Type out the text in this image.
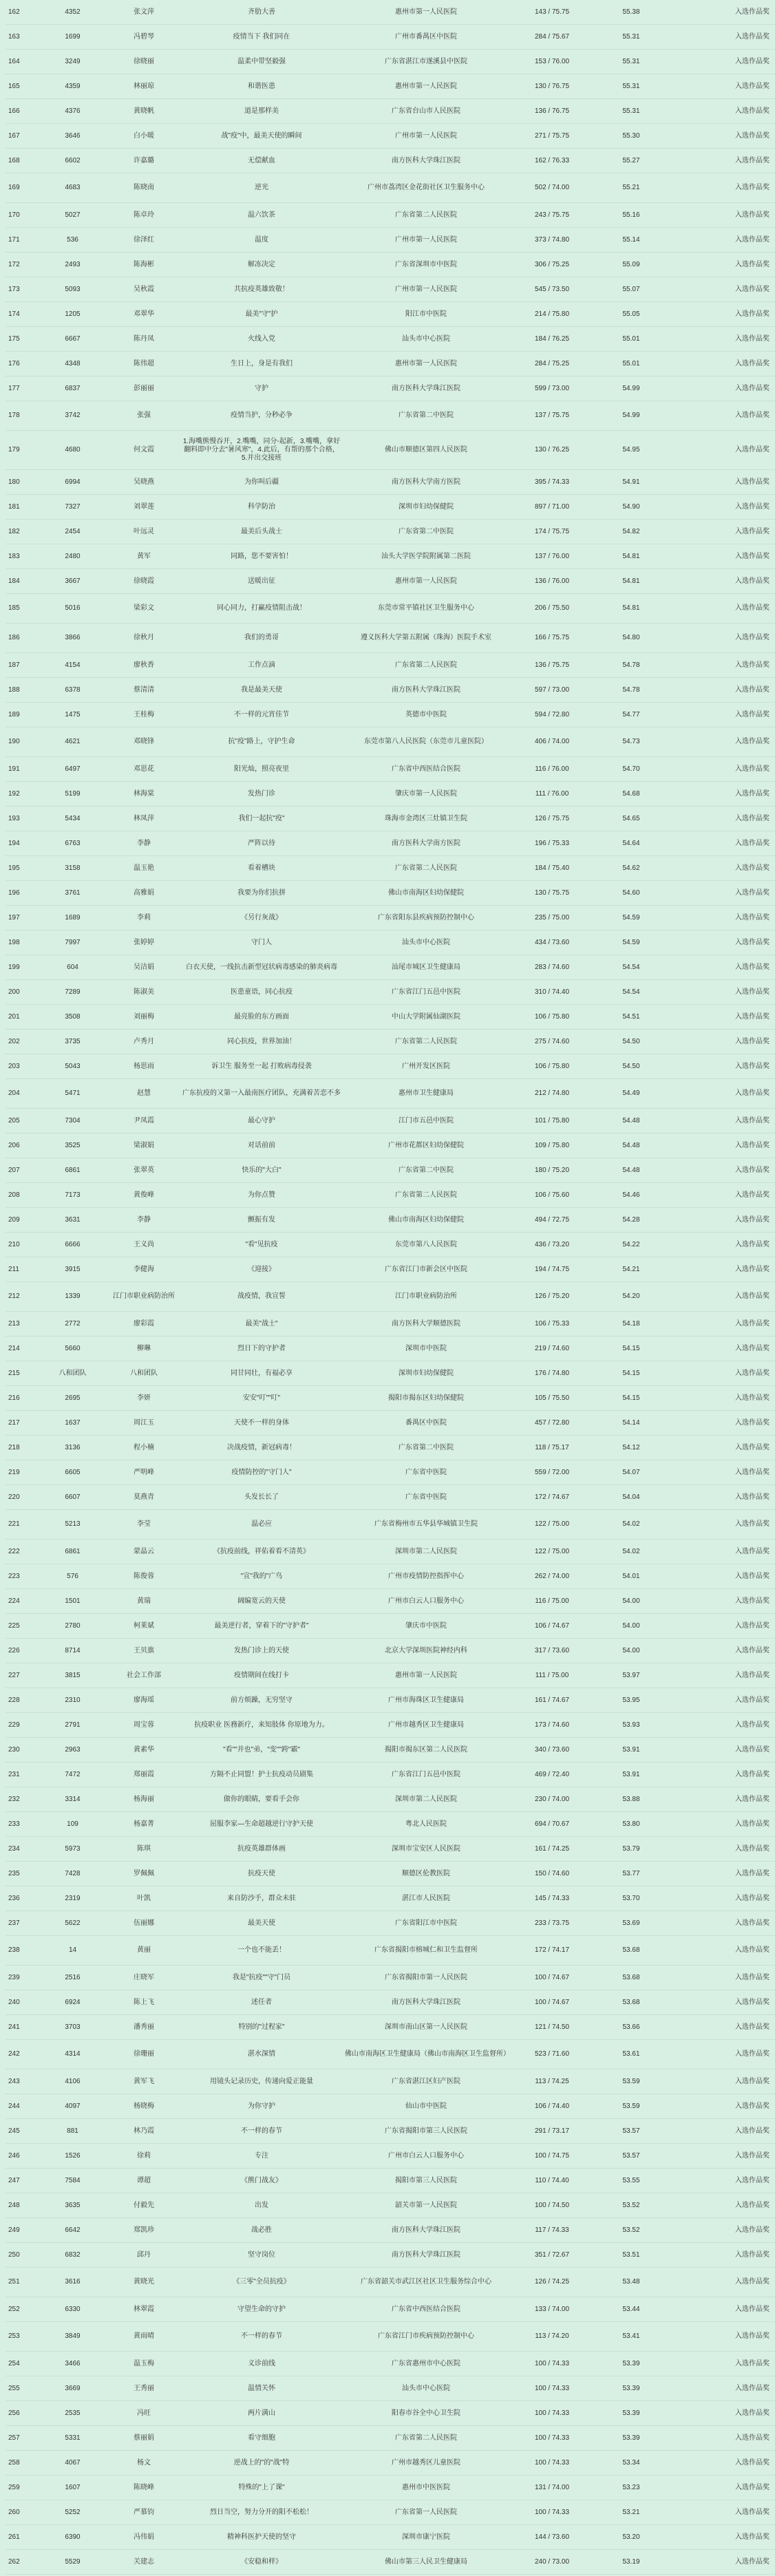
162	4352	张文萍	齐肋大善	惠州市第一人民医院	143 / 75.75	55.38	入选作品奖
163	1699	冯碧琴	疫情当下 我们同在	广州市番禺区中医院	284 / 75.67	55.31	入选作品奖
164	3249	徐晓丽	温柔中带坚毅强	广东省湛江市遂溪县中医院	153 / 76.00	55.31	入选作品奖
165	4359	林丽琼	和谐医患	惠州市第一人民医院	130 / 76.75	55.31	入选作品奖
166	4376	黄晓帆	道是那样美	广东省台山市人民医院	136 / 76.75	55.31	入选作品奖
167	3646	白小暖	战"疫"中，最美天使的瞬间	广州市第一人民医院	271 / 75.75	55.30	入选作品奖
168	6602	许嘉璐	无偿献血	南方医科大学珠江医院	162 / 76.33	55.27	入选作品奖
169	4683	陈晓南	逆光	广州市荔湾区金花街社区卫生服务中心	502 / 74.00	55.21	入选作品奖
170	5027	陈卓玲	温六饮茶	广东省第二人民医院	243 / 75.75	55.16	入选作品奖
171	536	徐泽红	温度	广州市第一人民医院	373 / 74.80	55.14	入选作品奖
172	2493	陈海彬	解冻决定	广东省深圳市中医院	306 / 75.25	55.09	入选作品奖
173	5093	吴秋霞	共抗疫英雄致敬！	广州市第一人民医院	545 / 73.50	55.07	入选作品奖
174	1205	邓翠华	最美"守"护	阳江市中医院	214 / 75.80	55.05	入选作品奖
175	6667	陈丹凤	火线入党	汕头市中心医院	184 / 76.25	55.01	入选作品奖
176	4348	陈伟超	生日上，身是有我们	惠州市第一人民医院	284 / 75.25	55.01	入选作品奖
177	6837	彭丽丽	守护	南方医科大学珠江医院	599 / 73.00	54.99	入选作品奖
178	3742	张强	疫情当护，分秒必争	广东省第二中医院	137 / 75.75	54.99	入选作品奖
179	4680	何文霞	1.海嘴熊慢吞开，2.嘴嘴，同分-起新，3.嘴嘴，拿好翻料即中分去"暑风寒"，4.此后，有帮的那个合格，5.并出交接班	佛山市顺德区第四人民医院	130 / 76.25	54.95	入选作品奖
180	6994	吴晓燕	为你叫后疆	南方医科大学南方医院	395 / 74.33	54.91	入选作品奖
181	7327	刘翠莲	科学防治	深圳市妇幼保健院	897 / 71.00	54.90	入选作品奖
182	2454	叶远灵	最美后头战士	广东省第二中医院	174 / 75.75	54.82	入选作品奖
183	2480	黄军	同路，您不要害怕！	汕头大学医学院附属第二医院	137 / 76.00	54.81	入选作品奖
184	3667	徐晓霞	送暖出征	惠州市第一人民医院	136 / 76.00	54.81	入选作品奖
185	5016	梁彩文	同心同力，打赢疫情阻击战！	东莞市常平镇社区卫生服务中心	206 / 75.50	54.81	入选作品奖
186	3866	徐秋月	我们的勇哥	遵义医科大学第五附属（珠海）医院手术室	166 / 75.75	54.80	入选作品奖
187	4154	廖秋香	工作点滴	广东省第二人民医院	136 / 75.75	54.78	入选作品奖
188	6378	蔡清清	我是最美天使	南方医科大学珠江医院	597 / 73.00	54.78	入选作品奖
189	1475	王桂梅	不一样的元宵佳节	英德市中医院	594 / 72.80	54.77	入选作品奖
190	4621	邓晓锋	抗"疫"路上，守护生命	东莞市第八人民医院（东莞市儿童医院）	406 / 74.00	54.73	入选作品奖
191	6497	邓思花	阳光灿，照亮夜里	广东省中西医结合医院	116 / 76.00	54.70	入选作品奖
192	5199	林海棠	发热门诊	肇庆市第一人民医院	111 / 76.00	54.68	入选作品奖
193	5434	林凤萍	我们一起抗"疫"	珠海市金湾区三灶镇卫生院	126 / 75.75	54.65	入选作品奖
194	6763	李静	严阵以待	南方医科大学南方医院	196 / 75.33	54.64	入选作品奖
195	3158	温玉艳	看着槽块	广东省第二人民医院	184 / 75.40	54.62	入选作品奖
196	3761	高雅娟	我要为你们抗拼	佛山市南海区妇幼保健院	130 / 75.75	54.60	入选作品奖
197	1689	李莉	《另行灰战》	广东省阳东县疾病预防控制中心	235 / 75.00	54.59	入选作品奖
198	7997	张婷婷	守门人	汕头市中心医院	434 / 73.60	54.59	入选作品奖
199	604	吴洁娟	白衣天使，一线抗击新型冠状病毒感染的肺炎病毒	汕尾市城区卫生健康局	283 / 74.60	54.54	入选作品奖
200	7289	陈淑美	医患童语，同心抗疫	广东省江门五邑中医院	310 / 74.40	54.54	入选作品奖
201	3508	刘丽梅	最亮脸的东方画面	中山大学附属仙湖医院	106 / 75.80	54.51	入选作品奖
202	3735	卢秀月	同心抗疫，世界加油！	广东省第二人民医院	275 / 74.60	54.50	入选作品奖
203	5043	杨思雨	诉卫生 服务至一起 打败病毒侵袭	广州开发区医院	106 / 75.80	54.50	入选作品奖
204	5471	赵慧	广东抗疫的又第一入最南医疗团队，充满着苦恋不多	惠州市卫生健康局	212 / 74.80	54.49	入选作品奖
205	7304	尹凤霞	最心守护	江门市五邑中医院	101 / 75.80	54.48	入选作品奖
206	3525	梁淑娟	对话前前	广州市花都区妇幼保健院	109 / 75.80	54.48	入选作品奖
207	6861	张翠英	快乐的"大白"	广东省第二中医院	180 / 75.20	54.48	入选作品奖
208	7173	黄俊峰	为你点赞	广东省第二人民医院	106 / 75.60	54.46	入选作品奖
209	3631	李静	颤振有发	佛山市南海区妇幼保健院	494 / 72.75	54.28	入选作品奖
210	6666	王义尚	"看"见抗疫	东莞市第八人民医院	436 / 73.20	54.22	入选作品奖
211	3915	李健海	《迎接》	广东省江门市新会区中医院	194 / 74.75	54.21	入选作品奖
212	1339	江门市职业病防治所	战疫情，我宣誓	江门市职业病防治所	126 / 75.20	54.20	入选作品奖
213	2772	廖彩霞	最美"战士"	南方医科大学顺德医院	106 / 75.33	54.18	入选作品奖
214	5660	柳琳	烈日下的守护者	深圳市中医院	219 / 74.60	54.15	入选作品奖
215	八和团队	八和团队	同甘同壮，有福必享	深圳市妇幼保健院	176 / 74.80	54.15	入选作品奖
216	2695	李妍	安安"叮""叮"	揭阳市揭东区妇幼保健院	105 / 75.50	54.15	入选作品奖
217	1637	周江玉	天使不一样的身体	番禺区中医院	457 / 72.80	54.14	入选作品奖
218	3136	程小楠	决战疫情，新冠病毒！	广东省第二中医院	118 / 75.17	54.12	入选作品奖
219	6605	严明峰	疫情防控的"守门人"	广东省中医院	559 / 72.00	54.07	入选作品奖
220	6607	莫燕青	头发长长了	广东省中医院	172 / 74.67	54.04	入选作品奖
221	5213	李莹	温必应	广东省梅州市五华县华城镇卫生院	122 / 75.00	54.02	入选作品奖
222	6861	蒙晶云	《抗疫前线，祥佑着看不清英》	深圳市第二人民医院	122 / 75.00	54.02	入选作品奖
223	576	陈俊蓉	"宣"我的"广鸟	广州市疫情防控指挥中心	262 / 74.00	54.01	入选作品奖
224	1501	黄瑞	阔编宽云的天使	广州市白云人口服务中心	116 / 75.00	54.00	入选作品奖
225	2780	柯莱斌	最美逆行者，穿着下的"守护者"	肇庆市中医院	106 / 74.67	54.00	入选作品奖
226	8714	王贝旗	发热门诊上的天使	北京大学深圳医院神经内科	317 / 73.60	54.00	入选作品奖
227	3815	社会工作部	疫情期间在线打卡	惠州市第一人民医院	111 / 75.00	53.97	入选作品奖
228	2310	廖海瑶	前方烦躁，无穷坚守	广州市海珠区卫生健康局	161 / 74.67	53.95	入选作品奖
229	2791	周宝蓉	抗疫职业 医務新疗，来知肢体 你原地为力。	广州市越秀区卫生健康局	173 / 74.60	53.93	入选作品奖
230	2963	黄素华	"看""并也"弟，"变""跨"霸"	揭阳市揭东区第二人民医院	340 / 73.60	53.91	入选作品奖
231	7472	郑丽霞	方隔不止同盟！护士抗疫动员剧集	广东省江门五邑中医院	469 / 72.40	53.91	入选作品奖
232	3314	杨海丽	做你的眼睛，要看手会你	深圳市第二人民医院	230 / 74.00	53.88	入选作品奖
233	109	杨嘉菁	屈服李家—生命超越逆行守护天使	粤北人民医院	694 / 70.67	53.80	入选作品奖
234	5973	陈琪	抗疫英雄群体画	深圳市宝安区人民医院	161 / 74.25	53.79	入选作品奖
235	7428	罗佩佩	抗疫天使	顺德区伦教医院	150 / 74.60	53.77	入选作品奖
236	2319	叶凯	来自防沙手，群众未驻	湛江市人民医院	145 / 74.33	53.70	入选作品奖
237	5622	伍丽娜	最美天使	广东省阳江市中医院	233 / 73.75	53.69	入选作品奖
238	14	黄丽	一个也不能丢！	广东省揭阳市榕城仁和卫生监督所	172 / 74.17	53.68	入选作品奖
239	2516	庄晓军	我是"抗疫""守"门员	广东省揭阳市第一人民医院	100 / 74.67	53.68	入选作品奖
240	6924	陈上飞	述任者	南方医科大学珠江医院	100 / 74.67	53.68	入选作品奖
241	3703	潘秀丽	特别的"过程家"	深圳市南山区第一人民医院	121 / 74.50	53.66	入选作品奖
242	4314	徐珊丽	湛水深情	佛山市南海区卫生健康局（佛山市南海区卫生监督所）	523 / 71.60	53.61	入选作品奖
243	4106	黄军飞	用镜头记录历史，传递向爱正能量	广东省湛江区妇产医院	113 / 74.25	53.59	入选作品奖
244	4097	杨晓梅	为你守护	仙山市中医院	106 / 74.40	53.59	入选作品奖
245	881	林乃霞	不一样的春节	广东省揭阳市第三人民医院	291 / 73.17	53.57	入选作品奖
246	1526	徐莉	专注	广州市白云人口服务中心	100 / 74.75	53.57	入选作品奖
247	7584	谭超	《熊门战友》	揭阳市第三人民医院	110 / 74.40	53.55	入选作品奖
248	3635	付毅先	出发	韶关市第一人民医院	100 / 74.50	53.52	入选作品奖
249	6642	郑凯珍	战必胜	南方医科大学珠江医院	117 / 74.33	53.52	入选作品奖
250	6832	邱丹	坚守岗位	南方医科大学珠江医院	351 / 72.67	53.51	入选作品奖
251	3616	黄晓光	《三零"全员抗疫》	广东省韶关市武江区社区卫生服务综合中心	126 / 74.25	53.48	入选作品奖
252	6330	林翠霞	守望生命的守护	广东省中西医结合医院	133 / 74.00	53.44	入选作品奖
253	3849	黄雨晴	不一样的春节	广东省江门市疾病预防控制中心	113 / 74.20	53.41	入选作品奖
254	3466	温玉梅	义诊前线	广东省惠州市中心医院	100 / 74.33	53.39	入选作品奖
255	3669	王秀丽	温情关怀	汕头市中心医院	100 / 74.33	53.39	入选作品奖
256	2535	冯旺	两片满山	阳春市谷全中心卫生院	100 / 74.33	53.39	入选作品奖
257	5331	蔡丽娟	看守细胞	广东省第二人民医院	100 / 74.33	53.39	入选作品奖
258	4067	杨文	逆战上的"的"战"特	广州市越秀区儿童医院	100 / 74.33	53.34	入选作品奖
259	1607	陈晓峰	特殊的"上了课"	惠州市中医医院	131 / 74.00	53.23	入选作品奖
260	5252	严慕钧	烈日当空，努力分开的阳不松松！	广东省第一人民医院	100 / 74.33	53.21	入选作品奖
261	6390	冯伟娟	精神科医护天使的坚守	深圳市康宁医院	144 / 73.60	53.20	入选作品奖
262	5529	关建志	《安稳和样》	佛山市第三人民卫生健康局	240 / 73.00	53.19	入选作品奖
